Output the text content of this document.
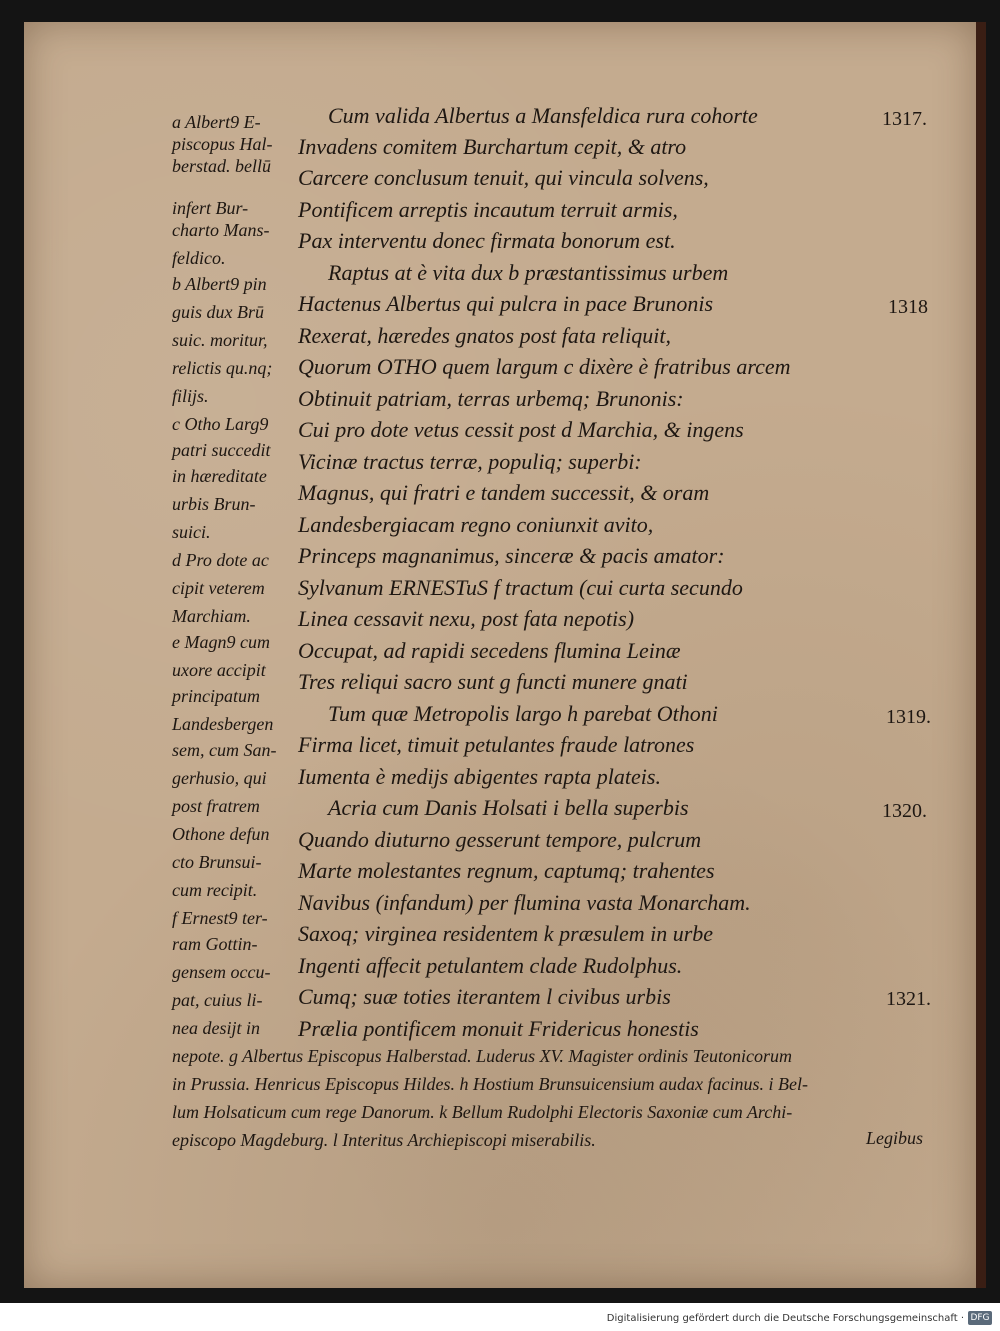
a Albert9 E-
piscopus Hal-
berstad. bellū
infert Bur-
charto Mans-
feldico.
b Albert9 pin
guis dux Brū
suic. moritur,
relictis qu.nq;
filijs.
c Otho Larg9
patri succedit
in hæreditate
urbis Brun-
suici.
d Pro dote ac
cipit veterem
Marchiam.
e Magn9 cum
uxore accipit
principatum
Landesbergen
sem, cum San-
gerhusio, qui
post fratrem
Othone defun
cto Brunsui-
cum recipit.
f Ernest9 ter-
ram Gottin-
gensem occu-
pat, cuius li-
nea desijt in
Cum valida Albertus a Mansfeldica rura cohorte
Invadens comitem Burchartum cepit, & atro
Carcere conclusum tenuit, qui vincula solvens,
Pontificem arreptis incautum terruit armis,
Pax interventu donec firmata bonorum est.
Raptus at è vita dux b præstantissimus urbem
Hactenus Albertus qui pulcra in pace Brunonis
Rexerat, hæredes gnatos post fata reliquit,
Quorum OTHO quem largum c dixère è fratribus arcem
Obtinuit patriam, terras urbemq; Brunonis:
Cui pro dote vetus cessit post d Marchia, & ingens
Vicinæ tractus terræ, populiq; superbi:
Magnus, qui fratri e tandem successit, & oram
Landesbergiacam regno coniunxit avito,
Princeps magnanimus, sinceræ & pacis amator:
Sylvanum ERNESTuS f tractum (cui curta secundo
Linea cessavit nexu, post fata nepotis)
Occupat, ad rapidi secedens flumina Leinæ
Tres reliqui sacro sunt g functi munere gnati
Tum quæ Metropolis largo h parebat Othoni
Firma licet, timuit petulantes fraude latrones
Iumenta è medijs abigentes rapta plateis.
Acria cum Danis Holsati i bella superbis
Quando diuturno gesserunt tempore, pulcrum
Marte molestantes regnum, captumq; trahentes
Navibus (infandum) per flumina vasta Monarcham.
Saxoq; virginea residentem k præsulem in urbe
Ingenti affecit petulantem clade Rudolphus.
Cumq; suæ toties iterantem l civibus urbis
Prælia pontificem monuit Fridericus honestis
1317.
1318
1319.
1320.
1321.
nepote. g Albertus Episcopus Halberstad. Luderus XV. Magister ordinis Teutonicorum
in Prussia. Henricus Episcopus Hildes. h Hostium Brunsuicensium audax facinus. i Bel-
lum Holsaticum cum rege Danorum. k Bellum Rudolphi Electoris Saxoniæ cum Archi-
episcopo Magdeburg. l Interitus Archiepiscopi miserabilis.	Legibus
Digitalisierung gefördert durch die Deutsche Forschungsgemeinschaft · DFG
